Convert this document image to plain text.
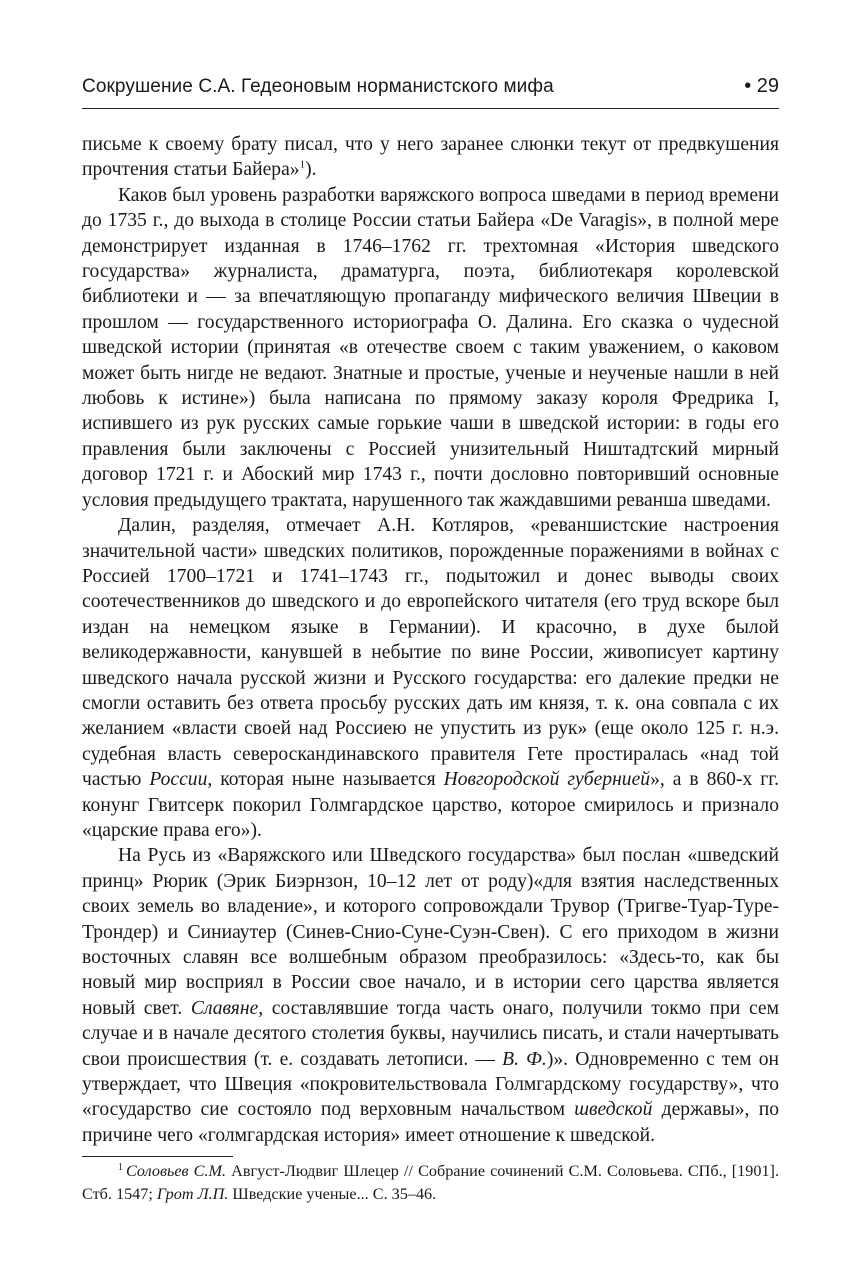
Сокрушение С.А. Гедеоновым норманистского мифа	• 29

письме к своему брату писал, что у него заранее слюнки текут от предвкушения прочтения статьи Байера»$^1$).

Каков был уровень разработки варяжского вопроса шведами в период времени до 1735 г., до выхода в столице России статьи Байера «De Varagis», в полной мере демонстрирует изданная в 1746–1762 гг. трехтомная «История шведского государства» журналиста, драматурга, поэта, библиотекаря королевской библиотеки и — за впечатляющую пропаганду мифического величия Швеции в прошлом — государственного историографа О. Далина. Его сказка о чудесной шведской истории (принятая «в отечестве своем с таким уважением, о каковом может быть нигде не ведают. Знатные и простые, ученые и неученые нашли в ней любовь к истине») была написана по прямому заказу короля Фредрика I, испившего из рук русских самые горькие чаши в шведской истории: в годы его правления были заключены с Россией унизительный Ништадтский мирный договор 1721 г. и Абоский мир 1743 г., почти дословно повторивший основные условия предыдущего трактата, нарушенного так жаждавшими реванша шведами.

Далин, разделяя, отмечает А.Н. Котляров, «реваншистские настроения значительной части» шведских политиков, порожденные поражениями в войнах с Россией 1700–1721 и 1741–1743 гг., подытожил и донес выводы своих соотечественников до шведского и до европейского читателя (его труд вскоре был издан на немецком языке в Германии). И красочно, в духе былой великодержавности, канувшей в небытие по вине России, живописует картину шведского начала русской жизни и Русского государства: его далекие предки не смогли оставить без ответа просьбу русских дать им князя, т. к. она совпала с их желанием «власти своей над Россиею не упустить из рук» (еще около 125 г. н.э. судебная власть североскандинавского правителя Гете простиралась «над той частью России, которая ныне называется Новгородской губернией», а в 860-х гг. конунг Гвитсерк покорил Голмгардское царство, которое смирилось и признало «царские права его»).

На Русь из «Варяжского или Шведского государства» был послан «шведский принц» Рюрик (Эрик Биэрнзон, 10–12 лет от роду)«для взятия наследственных своих земель во владение», и которого сопровождали Трувор (Тригве-Туар-Туре-Трондер) и Синиаутер (Синев-Снио-Суне-Суэн-Свен). С его приходом в жизни восточных славян все волшебным образом преобразилось: «Здесь-то, как бы новый мир восприял в России свое начало, и в истории сего царства является новый свет. Славяне, составлявшие тогда часть онаго, получили токмо при сем случае и в начале десятого столетия буквы, научились писать, и стали начертывать свои происшествия (т. е. создавать летописи. — В. Ф.)». Одновременно с тем он утверждает, что Швеция «покровительствовала Голмгардскому государству», что «государство сие состояло под верховным начальством шведской державы», по причине чего «голмгардская история» имеет отношение к шведской.

$^1$ Соловьев С.М. Август-Людвиг Шлецер // Собрание сочинений С.М. Соловьева. СПб., [1901]. Стб. 1547; Грот Л.П. Шведские ученые... С. 35–46.
